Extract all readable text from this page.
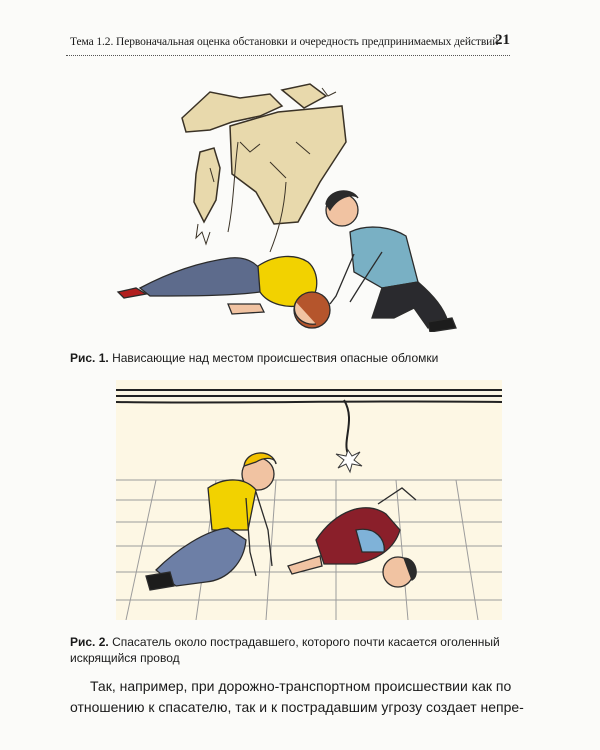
Тема 1.2. Первоначальная оценка обстановки и очередность предпринимаемых действий
21
Рис. 1. Нависающие над местом происшествия опасные обломки
Рис. 2. Спасатель около пострадавшего, которого почти касается оголенный
искрящийся провод
Так, например, при дорожно-транспортном происшествии как по
отношению к спасателю, так и к пострадавшим угрозу создает непре-
